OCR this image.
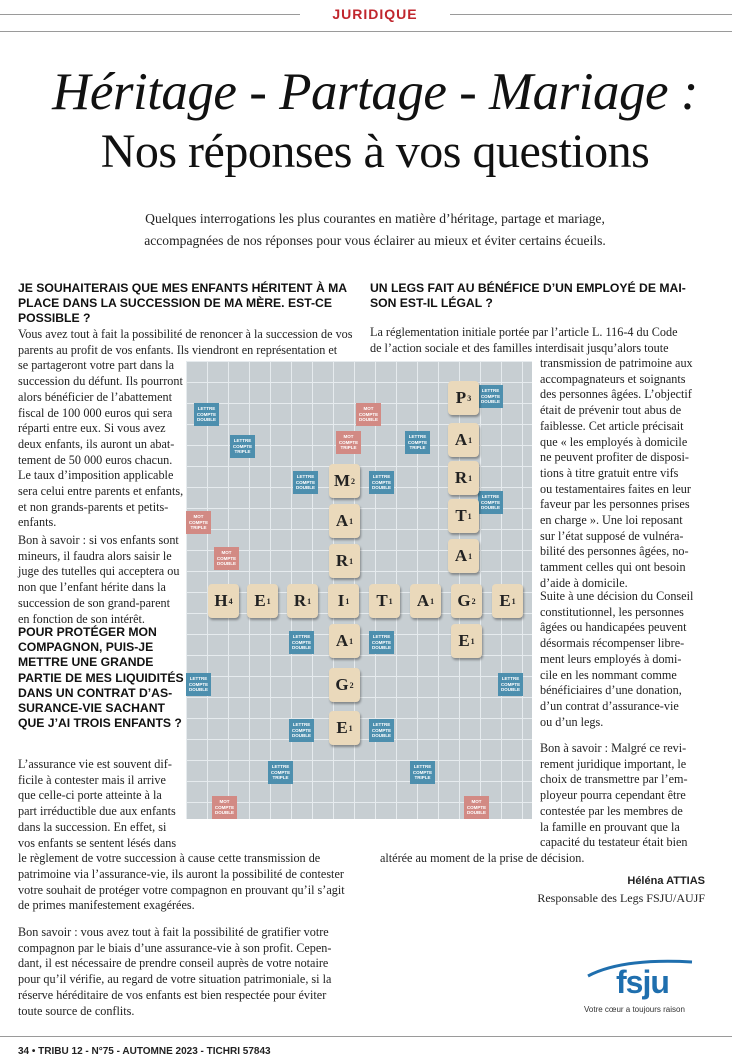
JURIDIQUE
Héritage - Partage - Mariage :
Nos réponses à vos questions
Quelques interrogations les plus courantes en matière d’héritage, partage et mariage,
accompagnées de nos réponses pour vous éclairer au mieux et éviter certains écueils.
JE SOUHAITERAIS QUE MES ENFANTS HÉRITENT À MA
PLACE DANS LA SUCCESSION DE MA MÈRE. EST-CE
POSSIBLE ?
Vous avez tout à fait la possibilité de renoncer à la succession de vos
parents au profit de vos enfants. Ils viendront en représentation et
se partageront votre part dans la
succession du défunt. Ils pourront
alors bénéficier de l’abattement
fiscal de 100 000 euros qui sera
réparti entre eux. Si vous avez
deux enfants, ils auront un abat-
tement de 50 000 euros chacun.
Le taux d’imposition applicable
sera celui entre parents et enfants,
et non grands-parents et petits-
enfants.
Bon à savoir : si vos enfants sont
mineurs, il faudra alors saisir le
juge des tutelles qui acceptera ou
non que l’enfant hérite dans la
succession de son grand-parent
en fonction de son intérêt.
POUR PROTÉGER MON
COMPAGNON, PUIS-JE
METTRE UNE GRANDE
PARTIE DE MES LIQUIDITÉS
DANS UN CONTRAT D’AS-
SURANCE-VIE SACHANT
QUE J’AI TROIS ENFANTS ?
L’assurance vie est souvent dif-
ficile à contester mais il arrive
que celle-ci porte atteinte à la
part irréductible due aux enfants
dans la succession. En effet, si
vos enfants se sentent lésés dans
le règlement de votre succession à cause cette transmission de
patrimoine via l’assurance-vie, ils auront la possibilité de contester
votre souhait de protéger votre compagnon en prouvant qu’il s’agit
de primes manifestement exagérées.
Bon savoir : vous avez tout à fait la possibilité de gratifier votre
compagnon par le biais d’une assurance-vie à son profit. Cepen-
dant, il est nécessaire de prendre conseil auprès de votre notaire
pour qu’il vérifie, au regard de votre situation patrimoniale, si la
réserve héréditaire de vos enfants est bien respectée pour éviter
toute source de conflits.
UN LEGS FAIT AU BÉNÉFICE D’UN EMPLOYÉ DE MAI-
SON EST-IL LÉGAL ?
La réglementation initiale portée par l’article L. 116-4 du Code
de l’action sociale et des familles interdisait jusqu’alors toute
transmission de patrimoine aux
accompagnateurs et soignants
des personnes âgées. L’objectif
était de prévenir tout abus de
faiblesse. Cet article précisait
que « les employés à domicile
ne peuvent profiter de disposi-
tions à titre gratuit entre vifs
ou testamentaires faites en leur
faveur par les personnes prises
en charge ». Une loi reposant
sur l’état supposé de vulnéra-
bilité des personnes âgées, no-
tamment celles qui ont besoin
d’aide à domicile.
Suite à une décision du Conseil
constitutionnel, les personnes
âgées ou handicapées peuvent
désormais récompenser libre-
ment leurs employés à domi-
cile en les nommant comme
bénéficiaires d’une donation,
d’un contrat d’assurance-vie
ou d’un legs.
Bon à savoir : Malgré ce revi-
rement juridique important, le
choix de transmettre par l’em-
ployeur pourra cependant être
contestée par les membres de
la famille en prouvant que la
capacité du testateur était bien
altérée au moment de la prise de décision.
Héléna ATTIAS
Responsable des Legs FSJU/AUJF
fsju
Votre cœur a toujours raison
34 • TRIBU 12 - N°75 - AUTOMNE 2023 - TICHRI 57843
LETTRE COMPTE DOUBLE
MOT COMPTE DOUBLE
LETTRE COMPTE DOUBLE
LETTRE COMPTE TRIPLE
LETTRE COMPTE TRIPLE
MOT COMPTE TRIPLE
LETTRE COMPTE DOUBLE
LETTRE COMPTE DOUBLE
LETTRE COMPTE DOUBLE
MOT COMPTE TRIPLE
MOT COMPTE DOUBLE
LETTRE COMPTE DOUBLE
LETTRE COMPTE DOUBLE
LETTRE COMPTE DOUBLE
LETTRE COMPTE DOUBLE
LETTRE COMPTE DOUBLE
LETTRE COMPTE DOUBLE
LETTRE COMPTE TRIPLE
LETTRE COMPTE TRIPLE
MOT COMPTE DOUBLE
MOT COMPTE DOUBLE
H 4 E 1 R 1 I 1 T 1 A 1 G 2 E 1
M 2
A 1
R 1
A 1
G 2
E 1
P 3
A 1
R 1
T 1
A 1
E 1
